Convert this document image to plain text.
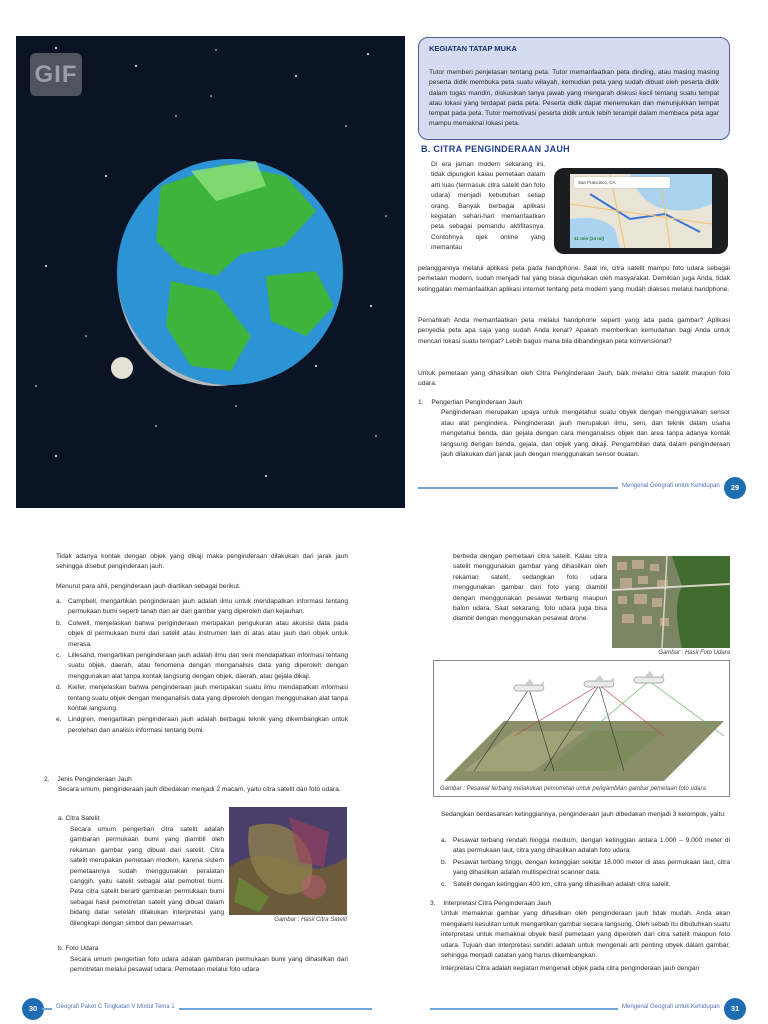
GIF
KEGIATAN TATAP MUKA
Tutor memberi penjelasan tentang peta. Tutor memanfaatkan peta dinding, atau masing masing peserta didik membuka peta suatu wilayah, kemudian peta yang sudah dibuat oleh peserta didik dalam tugas mandiri, diskusikan tanya jawab yang mengarah diskusi kecil tentang suatu tempat atau lokasi yang terdapat pada peta. Peserta didik dapat menemukan dan menunjukkan tempat tempat pada peta. Tutor memotivasi peserta didik untuk lebih terampil dalam membaca peta agar mampu memaknai lokasi peta.
B. CITRA PENGINDERAAN JAUH
Di era jaman modern sekarang ini, tidak dipungkiri kalau pemetaan dalam arti luas (termasuk citra satelit dan foto udara) menjadi kebutuhan setiap orang. Banyak berbagai aplikasi kegiatan sehari-hari memanfaatkan peta sebagai pemandu aktifitasnya. Contohnya ojek online yang memantau
San Francisco, CA
41 min (24 mi)
pelanggannya melalui aplikasi peta pada handphone. Saat ini, citra satelit mampu foto udara sebagai pemetaan modern, sudah menjadi hal yang biasa digunakan oleh masyarakat. Demikian juga Anda, tidak ketinggalan memanfaatkan aplikasi internet tentang peta modern yang mudah diakses melalui handphone.
Pernahkah Anda memanfaatkan peta melalui handphone seperti yang ada pada gambar? Aplikasi penyedia peta apa saja yang sudah Anda kenal? Apakah memberikan kemudahan bagi Anda untuk mencari lokasi suatu tempat? Lebih bagus mana bila dibandingkan peta konvensional?
Untuk pemetaan yang dihasilkan oleh Citra Penginderaan Jauh, baik melalui citra satelit maupun foto udara.
1. Pengertian Penginderaan Jauh
Penginderaan merupakan upaya untuk mengetahui suatu obyek dengan menggunakan sensor atau alat pengindera. Penginderaan jauh merupakan ilmu, seni, dan teknik dalam usaha mengetahui benda, dan gejala dengan cara menganalisis objek dan area tanpa adanya kontak langsung dengan benda, gejala, dan objek yang dikaji. Pengambilan data dalam penginderaan jauh dilakukan dari jarak jauh dengan menggunakan sensor buatan.
Mengenal Geografi untuk Kehidupan	29
Tidak adanya kontak dengan objek yang dikaji maka penginderaan dilakukan dari jarak jauh sehingga disebut penginderaan jauh.
Menurut para ahli, penginderaan jauh diartikan sebagai berikut.
a. Campbell, mengartikan penginderaan jauh adalah ilmu untuk mendapatkan informasi tentang permukaan bumi seperti tanah dan air dari gambar yang diperoleh dari kejauhan.
b. Colwell, menjelaskan bahwa penginderaan merupakan pengukuran atau akuisisi data pada objek di permukaan bumi dari satelit atau instrumen lain di atas atau jauh dari objek untuk merasa.
c. Lillesand, mengartikan penginderaan jauh adalah ilmu dan seni mendapatkan informasi tentang suatu objek, daerah, atau fenomena dengan menganalisis data yang diperoleh dengan menggunakan alat tanpa kontak langsung dengan objek, daerah, atau gejala dikaji.
d. Kiefer, menjelaskan bahwa penginderaan jauh merupakan suatu ilmu mendapatkan informasi tentang suatu objek dengan menganalisis data yang diperoleh dengan menggunakan alat tanpa kontak langsung.
e. Lindgren, mengartikan penginderaan jauh adalah berbagai teknik yang dikembangkan untuk perolehan dan analisis informasi tentang bumi.
2. Jenis Penginderaan Jauh
Secara umum, penginderaan jauh dibedakan menjadi 2 macam, yaitu citra satelit dan foto udara.
a. Citra Satelit
Secara umum pengertian citra satelit adalah gambaran permukaan bumi yang diambil oleh rekaman gambar yang dibuat dari satelit. Citra satelit merupakan pemetaan modern, karena sistem pemetaannya sudah menggunakan peralatan canggih, yaitu satelit sebagai alat pemotret bumi. Peta citra satelit berarti gambaran permukaan bumi sebagai hasil pemotretan satelit yang dibuat dalam bidang datar setelah dilakukan interpretasi yang dilengkapi dengan simbol dan pewarnaan.	Gambar : Hasil Citra Satelit
b. Foto Udara
Secara umum pengertian foto udara adalah gambaran permukaan bumi yang dihasilkan dari pemotretan melalui pesawat udara. Pemetaan melalui foto udara
30	Geografi Paket C Tingkatan V Modul Tema 1
berbeda dengan pemetaan citra satelit. Kalau citra satelit menggunakan gambar yang dihasilkan oleh rekaman satelit, sedangkan foto udara menggunakan gambar dari foto yang diambil dengan menggunakan pesawat terbang maupun balon udara. Saat sekarang, foto udara juga bisa diambil dengan menggunakan pesawat drone.
Gambar : Hasil Foto Udara
Gambar : Pesawat terbang melakukan pemotretan untuk pengambilan gambar pemetaan foto udara
Sedangkan berdasarkan ketinggiannya, penginderaan jauh dibedakan menjadi 3 kelompok, yaitu:
a. Pesawat terbang rendah hingga medium, dengan ketinggian antara 1.000 – 9.000 meter di atas permukaan laut, citra yang dihasilkan adalah foto udara.
b. Pesawat terbang tinggi, dengan ketinggian sekitar 18.000 meter di atas permukaan laut, citra yang dihasilkan adalah multispectral scanner data.
c. Satelit dengan ketinggian 400 km, citra yang dihasilkan adalah citra satelit.
3. Interpretasi Citra Penginderaan Jauh
Untuk memaknai gambar yang dihasilkan oleh penginderaan jauh tidak mudah. Anda akan mengalami kesulitan untuk mengartikan gambar secara langsung. Oleh sebab itu dibutuhkan suatu interpretasi untuk memaknai obyek hasil pemetaan yang diperoleh dari citra satelit maupun foto udara. Tujuan dari interpretasi sendiri adalah untuk mengenali arti penting obyek dalam gambar, sehingga menjadi catatan yang harus dikembangkan.
Interpretasi Citra adalah kegiatan mengenali objek pada citra penginderaan jauh dengan
Mengenal Geografi untuk Kehidupan	31
